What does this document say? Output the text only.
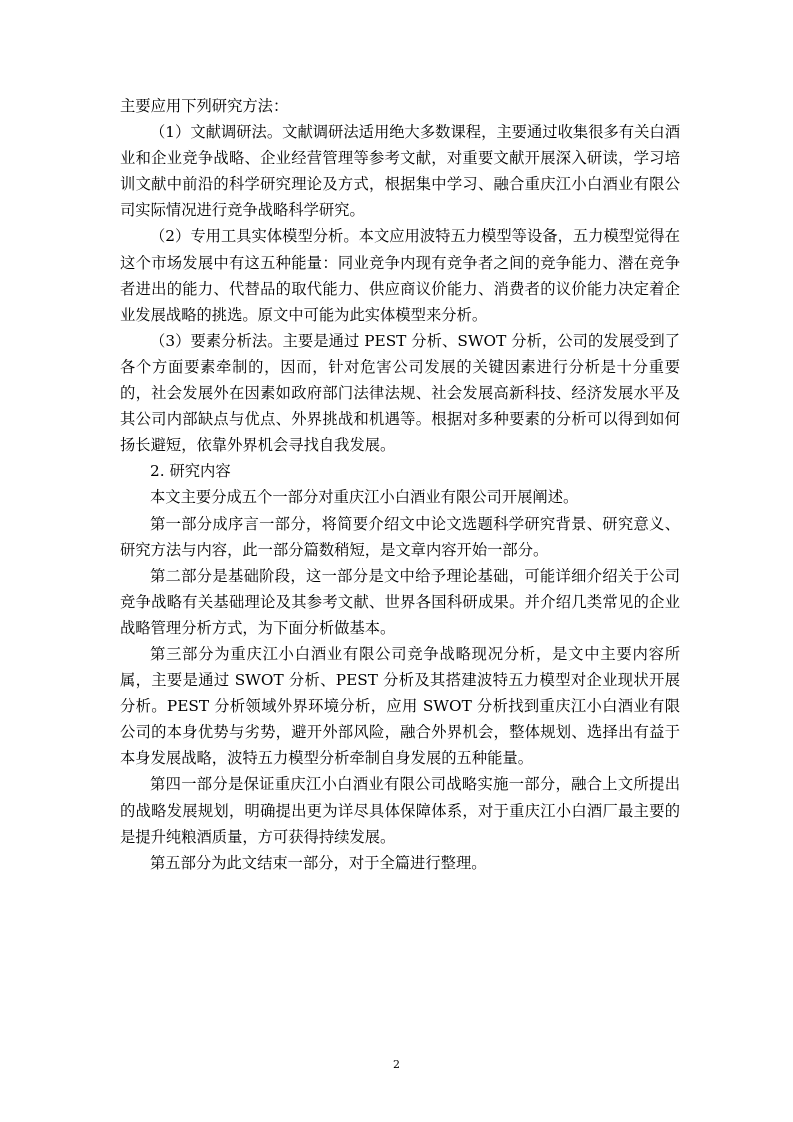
主要应用下列研究方法：

（1）文献调研法。文献调研法适用绝大多数课程，主要通过收集很多有关白酒业和企业竞争战略、企业经营管理等参考文献，对重要文献开展深入研读，学习培训文献中前沿的科学研究理论及方式，根据集中学习、融合重庆江小白酒业有限公司实际情况进行竞争战略科学研究。

（2）专用工具实体模型分析。本文应用波特五力模型等设备，五力模型觉得在这个市场发展中有这五种能量：同业竞争内现有竞争者之间的竞争能力、潜在竞争者进出的能力、代替品的取代能力、供应商议价能力、消费者的议价能力决定着企业发展战略的挑选。原文中可能为此实体模型来分析。

（3）要素分析法。主要是通过 PEST 分析、SWOT 分析，公司的发展受到了各个方面要素牵制的，因而，针对危害公司发展的关键因素进行分析是十分重要的，社会发展外在因素如政府部门法律法规、社会发展高新科技、经济发展水平及其公司内部缺点与优点、外界挑战和机遇等。根据对多种要素的分析可以得到如何扬长避短，依靠外界机会寻找自我发展。

2. 研究内容

本文主要分成五个一部分对重庆江小白酒业有限公司开展阐述。

第一部分成序言一部分，将简要介绍文中论文选题科学研究背景、研究意义、研究方法与内容，此一部分篇数稍短，是文章内容开始一部分。

第二部分是基础阶段，这一部分是文中给予理论基础，可能详细介绍关于公司竞争战略有关基础理论及其参考文献、世界各国科研成果。并介绍几类常见的企业战略管理分析方式，为下面分析做基本。

第三部分为重庆江小白酒业有限公司竞争战略现况分析，是文中主要内容所属，主要是通过 SWOT 分析、PEST 分析及其搭建波特五力模型对企业现状开展分析。PEST 分析领域外界环境分析，应用 SWOT 分析找到重庆江小白酒业有限公司的本身优势与劣势，避开外部风险，融合外界机会，整体规划、选择出有益于本身发展战略，波特五力模型分析牵制自身发展的五种能量。

第四一部分是保证重庆江小白酒业有限公司战略实施一部分，融合上文所提出的战略发展规划，明确提出更为详尽具体保障体系，对于重庆江小白酒厂最主要的是提升纯粮酒质量，方可获得持续发展。

第五部分为此文结束一部分，对于全篇进行整理。

2
